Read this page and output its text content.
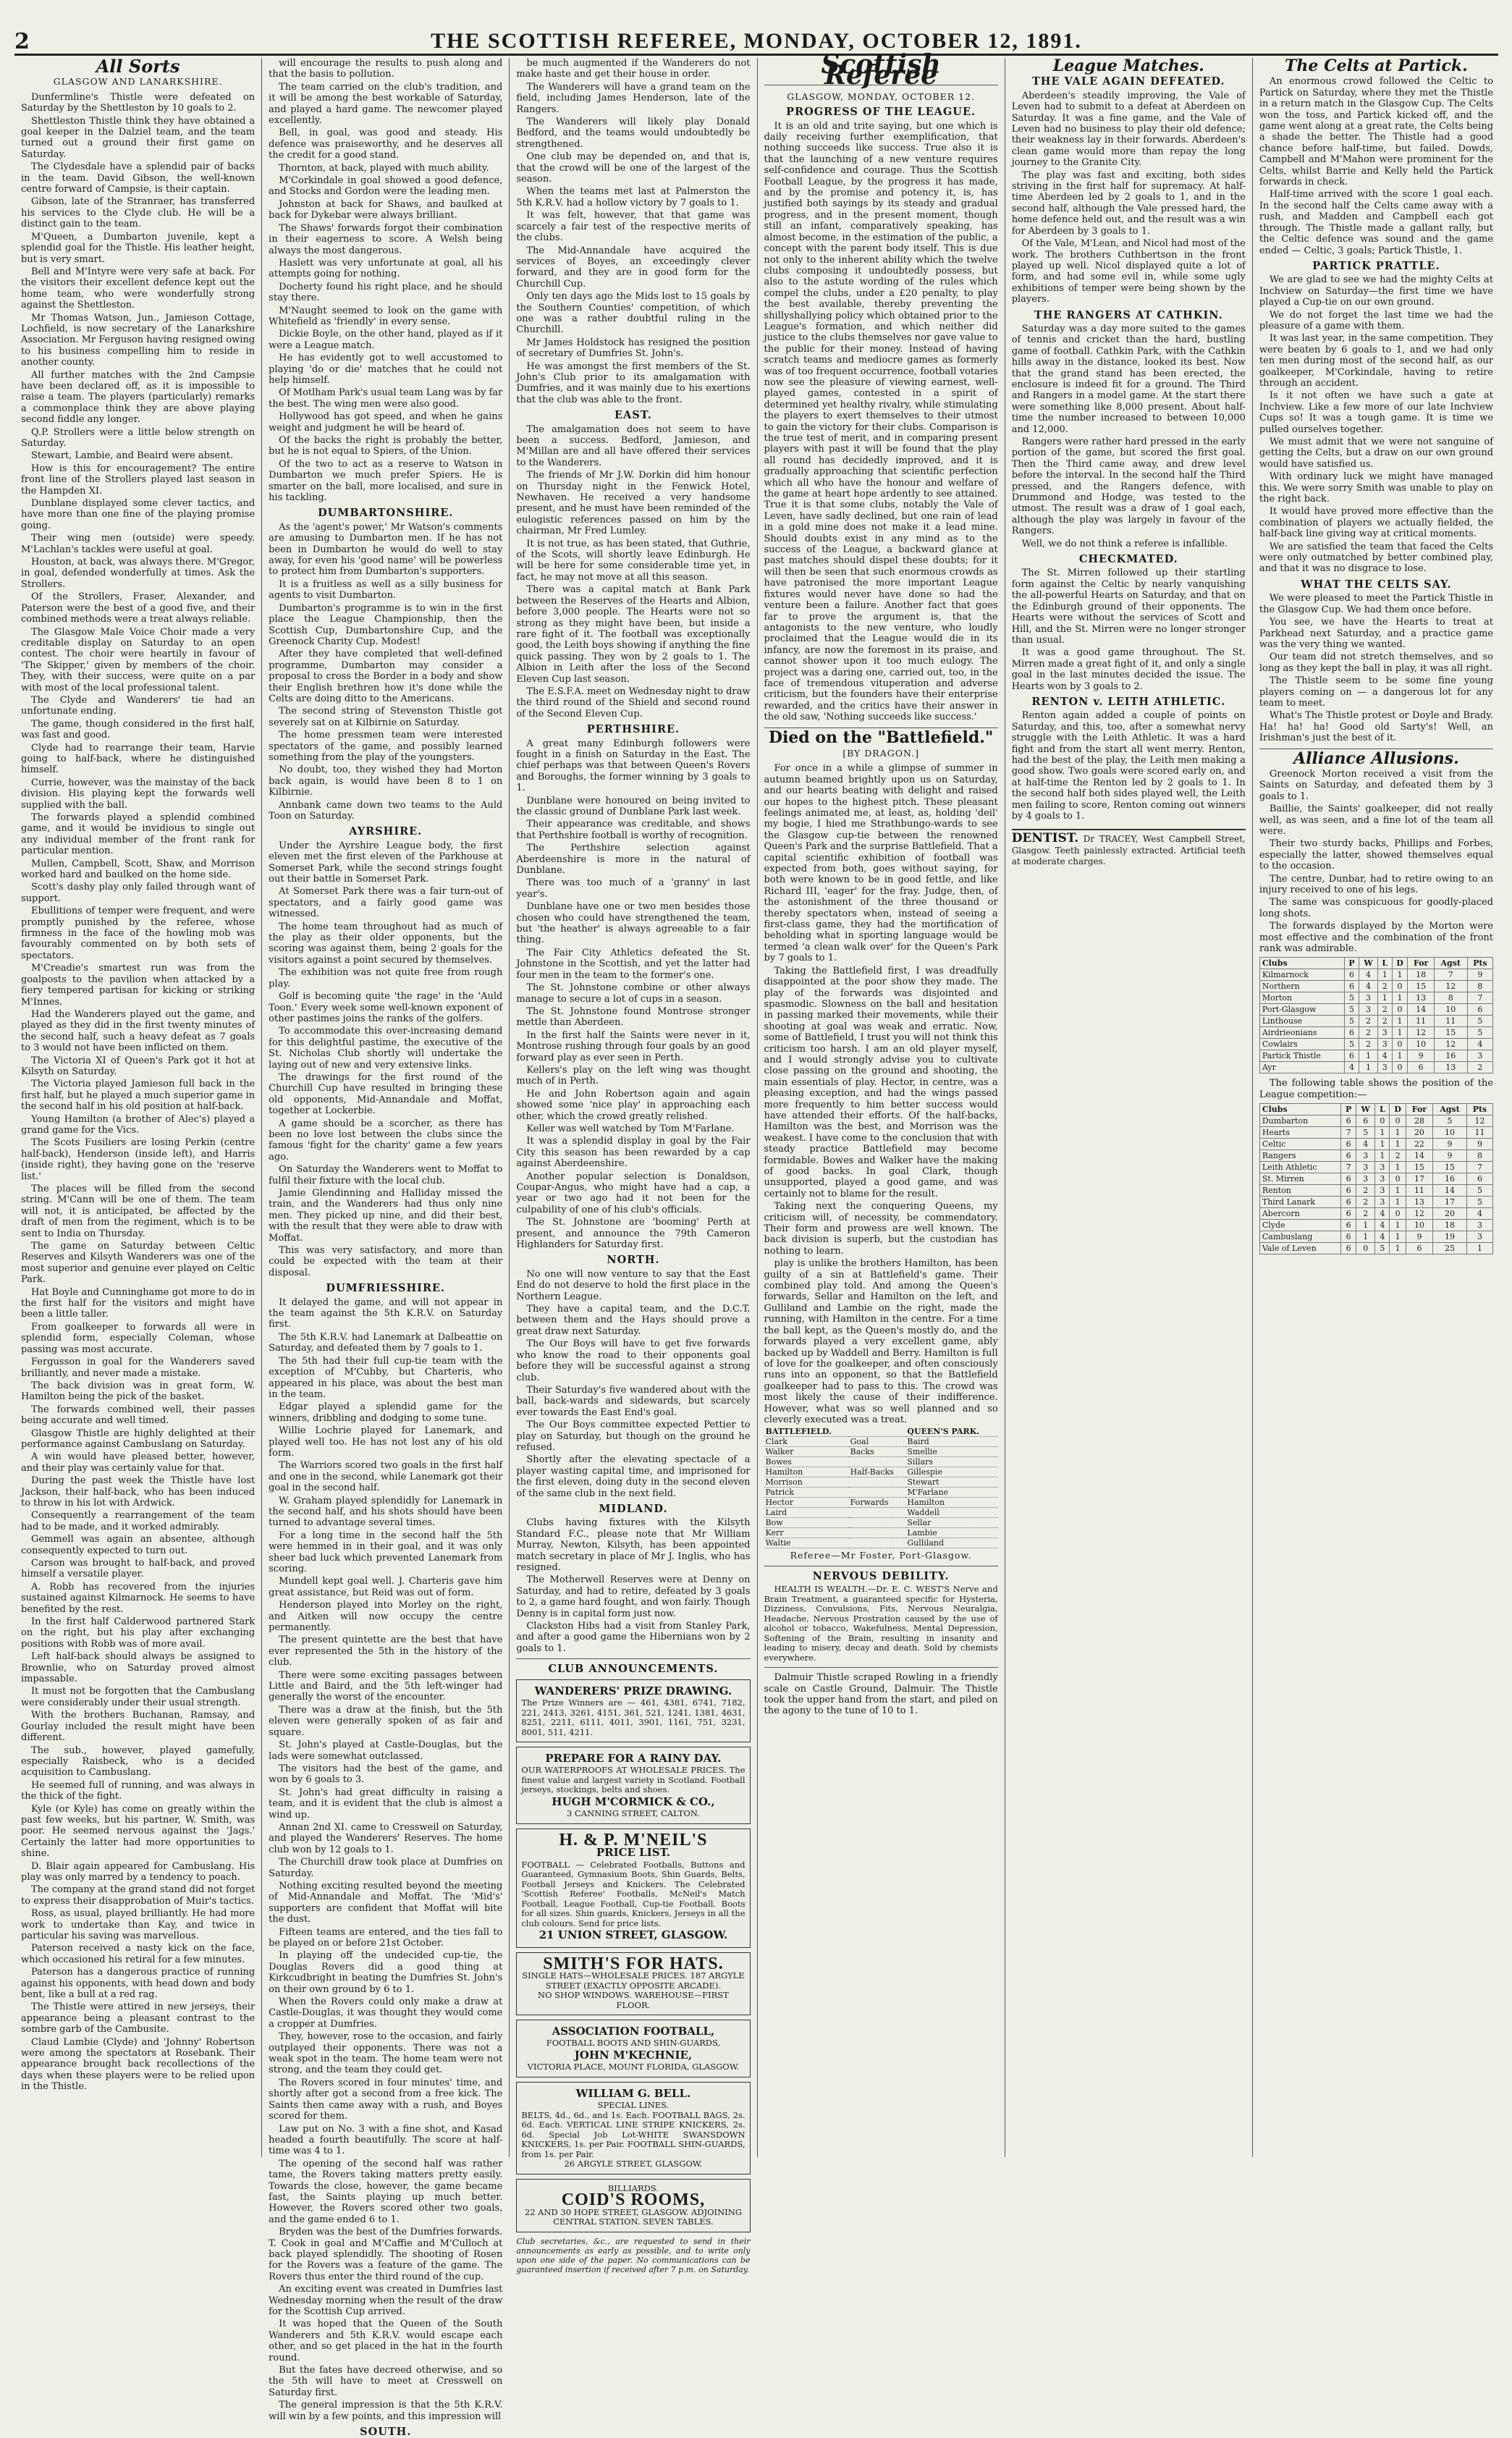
2	THE SCOTTISH REFEREE, MONDAY, OCTOBER 12, 1891.
All Sorts
GLASGOW AND LANARKSHIRE.

Dunfermline's Thistle were defeated on Saturday by the Shettleston by 10 goals to 2.

Shettleston Thistle think they have obtained a goal keeper in the Dalziel team, and the team turned out a ground their first game on Saturday.

The Clydesdale have a splendid pair of backs in the team. David Gibson, the well-known centre forward of Campsie, is their captain.

Gibson, late of the Stranraer, has transferred his services to the Clyde club. He will be a distinct gain to the team.

M'Queen, a Dumbarton juvenile, kept a splendid goal for the Thistle. His leather height, but is very smart.

Bell and M'Intyre were very safe at back. For the visitors their excellent defence kept out the home team, who were wonderfully strong against the Shettleston.

Mr Thomas Watson, Jun., Jamieson Cottage, Lochfield, is now secretary of the Lanarkshire Association. Mr Ferguson having resigned owing to his business compelling him to reside in another county.

All further matches with the 2nd Campsie have been declared off, as it is impossible to raise a team. The players (particularly) remarks a commonplace think they are above playing second fiddle any longer.

Q.P. Strollers were a little below strength on Saturday.

Stewart, Lambie, and Beaird were absent.

How is this for encouragement? The entire front line of the Strollers played last season in the Hampden XI.

Dunblane displayed some clever tactics, and have more than one fine of the playing promise going.

Their wing men (outside) were speedy. M'Lachlan's tackles were useful at goal.

Houston, at back, was always there. M'Gregor, in goal, defended wonderfully at times. Ask the Strollers.

Of the Strollers, Fraser, Alexander, and Paterson were the best of a good five, and their combined methods were a treat always reliable.

The Glasgow Male Voice Choir made a very creditable display on Saturday to an open contest. The choir were heartily in favour of 'The Skipper,' given by members of the choir. They, with their success, were quite on a par with most of the local professional talent.

The Clyde and Wanderers' tie had an unfortunate ending.

The game, though considered in the first half, was fast and good.

Clyde had to rearrange their team, Harvie going to half-back, where he distinguished himself.

Currie, however, was the mainstay of the back division. His playing kept the forwards well supplied with the ball.

The forwards played a splendid combined game, and it would be invidious to single out any individual member of the front rank for particular mention.

Mullen, Campbell, Scott, Shaw, and Morrison worked hard and baulked on the home side.

Scott's dashy play only failed through want of support.

Ebullitions of temper were frequent, and were promptly punished by the referee, whose firmness in the face of the howling mob was favourably commented on by both sets of spectators.

M'Creadie's smartest run was from the goalposts to the pavilion when attacked by a fiery tempered partisan for kicking or striking M'Innes.

Had the Wanderers played out the game, and played as they did in the first twenty minutes of the second half, such a heavy defeat as 7 goals to 3 would not have been inflicted on them.

The Victoria XI of Queen's Park got it hot at Kilsyth on Saturday.

The Victoria played Jamieson full back in the first half, but he played a much superior game in the second half in his old position at half-back.

Young Hamilton (a brother of Alec's) played a grand game for the Vics.

The Scots Fusiliers are losing Perkin (centre half-back), Henderson (inside left), and Harris (inside right), they having gone on the 'reserve list.'

The places will be filled from the second string. M'Cann will be one of them. The team will not, it is anticipated, be affected by the draft of men from the regiment, which is to be sent to India on Thursday.

The game on Saturday between Celtic Reserves and Kilsyth Wanderers was one of the most superior and genuine ever played on Celtic Park.

Hat Boyle and Cunninghame got more to do in the first half for the visitors and might have been a little taller.

From goalkeeper to forwards all were in splendid form, especially Coleman, whose passing was most accurate.

Fergusson in goal for the Wanderers saved brilliantly, and never made a mistake.

The back division was in great form, W. Hamilton being the pick of the basket.

The forwards combined well, their passes being accurate and well timed.

Glasgow Thistle are highly delighted at their performance against Cambuslang on Saturday.

A win would have pleased better, however, and their play was certainly value for that.

During the past week the Thistle have lost Jackson, their half-back, who has been induced to throw in his lot with Ardwick.

Consequently a rearrangement of the team had to be made, and it worked admirably.

Gemmell was again an absentee, although consequently expected to turn out.

Carson was brought to half-back, and proved himself a versatile player.

A. Robb has recovered from the injuries sustained against Kilmarnock. He seems to have benefited by the rest.

In the first half Calderwood partnered Stark on the right, but his play after exchanging positions with Robb was of more avail.

Left half-back should always be assigned to Brownlie, who on Saturday proved almost impassable.

It must not be forgotten that the Cambuslang were considerably under their usual strength.

With the brothers Buchanan, Ramsay, and Gourlay included the result might have been different.

The sub., however, played gamefully, especially Raisbeck, who is a decided acquisition to Cambuslang.

He seemed full of running, and was always in the thick of the fight.

Kyle (or Kyle) has come on greatly within the past few weeks, but his partner, W. Smith, was poor. He seemed nervous against the 'Jags.' Certainly the latter had more opportunities to shine.

D. Blair again appeared for Cambuslang. His play was only marred by a tendency to poach.

The company at the grand stand did not forget to express their disapprobation of Muir's tactics.

Ross, as usual, played brilliantly. He had more work to undertake than Kay, and twice in particular his saving was marvellous.

Paterson received a nasty kick on the face, which occasioned his retiral for a few minutes.

Paterson has a dangerous practice of running against his opponents, with head down and body bent, like a bull at a red rag.

The Thistle were attired in new jerseys, their appearance being a pleasant contrast to the sombre garb of the Cambusite.

Claud Lambie (Clyde) and 'Johnny' Robertson were among the spectators at Rosebank. Their appearance brought back recollections of the days when these players were to be relied upon in the Thistle.

will encourage the results to push along and that the basis to pollution.

The team carried on the club's tradition, and it will be among the best workable of Saturday, and played a hard game. The newcomer played excellently.

Bell, in goal, was good and steady. His defence was praiseworthy, and he deserves all the credit for a good stand.

Thornton, at back, played with much ability.

M'Corkindale in goal showed a good defence, and Stocks and Gordon were the leading men.

Johnston at back for Shaws, and baulked at back for Dykebar were always brilliant.

The Shaws' forwards forgot their combination in their eagerness to score. A Welsh being always the most dangerous.

Haslett was very unfortunate at goal, all his attempts going for nothing.

Docherty found his right place, and he should stay there.

M'Naught seemed to look on the game with Whitefield as 'friendly' in every sense.

Dickie Boyle, on the other hand, played as if it were a League match.

He has evidently got to well accustomed to playing 'do or die' matches that he could not help himself.

Of Motlham Park's usual team Lang was by far the best. The wing men were also good.

Hollywood has got speed, and when he gains weight and judgment he will be heard of.

Of the backs the right is probably the better, but he is not equal to Spiers, of the Union.

Of the two to act as a reserve to Watson in Dumbarton we much prefer Spiers. He is smarter on the ball, more localised, and sure in his tackling.

DUMBARTONSHIRE.

As the 'agent's power,' Mr Watson's comments are amusing to Dumbarton men. If he has not been in Dumbarton he would do well to stay away, for even his 'good name' will be powerless to protect him from Dumbarton's supporters.

It is a fruitless as well as a silly business for agents to visit Dumbarton.

Dumbarton's programme is to win in the first place the League Championship, then the Scottish Cup, Dumbartonshire Cup, and the Greenock Charity Cup. Modest!

After they have completed that well-defined programme, Dumbarton may consider a proposal to cross the Border in a body and show their English brethren how it's done while the Celts are doing ditto to the Americans.

The second string of Stevenston Thistle got severely sat on at Kilbirnie on Saturday.

The home pressmen team were interested spectators of the game, and possibly learned something from the play of the youngsters.

No doubt, too, they wished they had Morton back again, is would have been 8 to 1 on Kilbirnie.

Annbank came down two teams to the Auld Toon on Saturday.

AYRSHIRE.

Under the Ayrshire League body, the first eleven met the first eleven of the Parkhouse at Somerset Park, while the second strings fought out their battle in Somerset Park.

At Somerset Park there was a fair turn-out of spectators, and a fairly good game was witnessed.

The home team throughout had as much of the play as their older opponents, but the scoring was against them, being 2 goals for the visitors against a point secured by themselves.

The exhibition was not quite free from rough play.

Golf is becoming quite 'the rage' in the 'Auld Toon.' Every week some well-known exponent of other pastimes joins the ranks of the golfers.

To accommodate this over-increasing demand for this delightful pastime, the executive of the St. Nicholas Club shortly will undertake the laying out of new and very extensive links.

The drawings for the first round of the Churchill Cup have resulted in bringing these old opponents, Mid-Annandale and Moffat, together at Lockerbie.

A game should be a scorcher, as there has been no love lost between the clubs since the famous 'fight for the charity' game a few years ago.

On Saturday the Wanderers went to Moffat to fulfil their fixture with the local club.

Jamie Glendinning and Halliday missed the train, and the Wanderers had thus only nine men. They picked up nine, and did their best, with the result that they were able to draw with Moffat.

This was very satisfactory, and more than could be expected with the team at their disposal.

DUMFRIESSHIRE.

It delayed the game, and will not appear in the team against the 5th K.R.V. on Saturday first.

The 5th K.R.V. had Lanemark at Dalbeattie on Saturday, and defeated them by 7 goals to 1.

The 5th had their full cup-tie team with the exception of M'Cubby, but Charteris, who appeared in his place, was about the best man in the team.

Edgar played a splendid game for the winners, dribbling and dodging to some tune.

Willie Lochrie played for Lanemark, and played well too. He has not lost any of his old form.

The Warriors scored two goals in the first half and one in the second, while Lanemark got their goal in the second half.

W. Graham played splendidly for Lanemark in the second half, and his shots should have been turned to advantage several times.

For a long time in the second half the 5th were hemmed in in their goal, and it was only sheer bad luck which prevented Lanemark from scoring.

Mundell kept goal well. J. Charteris gave him great assistance, but Reid was out of form.

Henderson played into Morley on the right, and Aitken will now occupy the centre permanently.

The present quintette are the best that have ever represented the 5th in the history of the club.

There were some exciting passages between Little and Baird, and the 5th left-winger had generally the worst of the encounter.

There was a draw at the finish, but the 5th eleven were generally spoken of as fair and square.

St. John's played at Castle-Douglas, but the lads were somewhat outclassed.

The visitors had the best of the game, and won by 6 goals to 3.

St. John's had great difficulty in raising a team, and it is evident that the club is almost a wind up.

Annan 2nd XI. came to Cressweil on Saturday, and played the Wanderers' Reserves. The home club won by 12 goals to 1.

The Churchill draw took place at Dumfries on Saturday.

Nothing exciting resulted beyond the meeting of Mid-Annandale and Moffat. The 'Mid's' supporters are confident that Moffat will bite the dust.

Fifteen teams are entered, and the ties fall to be played on or before 21st October.

In playing off the undecided cup-tie, the Douglas Rovers did a good thing at Kirkcudbright in beating the Dumfries St. John's on their own ground by 6 to 1.

When the Rovers could only make a draw at Castle-Douglas, it was thought they would come a cropper at Dumfries.

They, however, rose to the occasion, and fairly outplayed their opponents. There was not a weak spot in the team. The home team were not strong, and the team they could get.

The Rovers scored in four minutes' time, and shortly after got a second from a free kick. The Saints then came away with a rush, and Boyes scored for them.

Law put on No. 3 with a fine shot, and Kasad headed a fourth beautifully. The score at half-time was 4 to 1.

The opening of the second half was rather tame, the Rovers taking matters pretty easily. Towards the close, however, the game became fast, the Saints playing up much better. However, the Rovers scored other two goals, and the game ended 6 to 1.

Bryden was the best of the Dumfries forwards. T. Cook in goal and M'Caffie and M'Culloch at back played splendidly. The shooting of Rosen for the Rovers was a feature of the game. The Rovers thus enter the third round of the cup.

An exciting event was created in Dumfries last Wednesday morning when the result of the draw for the Scottish Cup arrived.

It was hoped that the Queen of the South Wanderers and 5th K.R.V. would escape each other, and so get placed in the hat in the fourth round.

But the fates have decreed otherwise, and so the 5th will have to meet at Cresswell on Saturday first.

The general impression is that the 5th K.R.V. will win by a few points, and this impression will

SOUTH.

be much augmented if the Wanderers do not make haste and get their house in order.

The Wanderers will have a grand team on the field, including James Henderson, late of the Rangers.

The Wanderers will likely play Donald Bedford, and the teams would undoubtedly be strengthened.

One club may be depended on, and that is, that the crowd will be one of the largest of the season.

When the teams met last at Palmerston the 5th K.R.V. had a hollow victory by 7 goals to 1.

It was felt, however, that that game was scarcely a fair test of the respective merits of the clubs.

The Mid-Annandale have acquired the services of Boyes, an exceedingly clever forward, and they are in good form for the Churchill Cup.

Only ten days ago the Mids lost to 15 goals by the Southern Counties' competition, of which one was a rather doubtful ruling in the Churchill.

Mr James Holdstock has resigned the position of secretary of Dumfries St. John's.

He was amongst the first members of the St. John's Club prior to its amalgamation with Dumfries, and it was mainly due to his exertions that the club was able to the front.

EAST.

The amalgamation does not seem to have been a success. Bedford, Jamieson, and M'Millan are and all have offered their services to the Wanderers.

The friends of Mr J.W. Dorkin did him honour on Thursday night in the Fenwick Hotel, Newhaven. He received a very handsome present, and he must have been reminded of the eulogistic references passed on him by the chairman, Mr Fred Lumley.

It is not true, as has been stated, that Guthrie, of the Scots, will shortly leave Edinburgh. He will be here for some considerable time yet, in fact, he may not move at all this season.

There was a capital match at Bank Park between the Reserves of the Hearts and Albion, before 3,000 people. The Hearts were not so strong as they might have been, but inside a rare fight of it. The football was exceptionally good, the Leith boys showing if anything the fine quick passing. They won by 2 goals to 1. The Albion in Leith after the loss of the Second Eleven Cup last season.

The E.S.F.A. meet on Wednesday night to draw the third round of the Shield and second round of the Second Eleven Cup.

PERTHSHIRE.

A great many Edinburgh followers were fought in a finish on Saturday in the East. The chief perhaps was that between Queen's Rovers and Boroughs, the former winning by 3 goals to 1.

Dunblane were honoured on being invited to the classic ground of Dunblane Park last week.

Their appearance was creditable, and shows that Perthshire football is worthy of recognition.

The Perthshire selection against Aberdeenshire is more in the natural of Dunblane.

There was too much of a 'granny' in last year's.

Dunblane have one or two men besides those chosen who could have strengthened the team, but 'the heather' is always agreeable to a fair thing.

The Fair City Athletics defeated the St. Johnstone in the Scottish, and yet the latter had four men in the team to the former's one.

The St. Johnstone combine or other always manage to secure a lot of cups in a season.

The St. Johnstone found Montrose stronger mettle than Aberdeen.

In the first half the Saints were never in it, Montrose rushing through four goals by an good forward play as ever seen in Perth.

Kellers's play on the left wing was thought much of in Perth.

He and John Robertson again and again showed some 'nice play' in approaching each other, which the crowd greatly relished.

Keller was well watched by Tom M'Farlane.

It was a splendid display in goal by the Fair City this season has been rewarded by a cap against Aberdeenshire.

Another popular selection is Donaldson, Coupar-Angus, who might have had a cap, a year or two ago had it not been for the culpability of one of his club's officials.

The St. Johnstone are 'booming' Perth at present, and announce the 79th Cameron Highlanders for Saturday first.

NORTH.

No one will now venture to say that the East End do not deserve to hold the first place in the Northern League.

They have a capital team, and the D.C.T. between them and the Hays should prove a great draw next Saturday.

The Our Boys will have to get five forwards who know the road to their opponents goal before they will be successful against a strong club.

Their Saturday's five wandered about with the ball, back-wards and sidewards, but scarcely ever towards the East End's goal.

The Our Boys committee expected Pettier to play on Saturday, but though on the ground he refused.

Shortly after the elevating spectacle of a player wasting capital time, and imprisoned for the first eleven, doing duty in the second eleven of the same club in the next field.

MIDLAND.

Clubs having fixtures with the Kilsyth Standard F.C., please note that Mr William Murray, Newton, Kilsyth, has been appointed match secretary in place of Mr J. Inglis, who has resigned.

The Motherwell Reserves were at Denny on Saturday, and had to retire, defeated by 3 goals to 2, a game hard fought, and won fairly. Though Denny is in capital form just now.

Clackston Hibs had a visit from Stanley Park, and after a good game the Hibernians won by 2 goals to 1.

CLUB ANNOUNCEMENTS.
WANDERERS' PRIZE DRAWING.
The Prize Winners are — 461, 4381, 6741, 7182, 221, 2413, 3261, 4151, 361, 521, 1241, 1381, 4631, 8251, 2211, 6111, 4011, 3901, 1161, 751, 3231, 8001, 511, 4211.
PREPARE FOR A RAINY DAY.
OUR WATERPROOFS AT WHOLESALE PRICES. The finest value and largest variety in Scotland. Football jerseys, stockings, belts and shoes.
HUGH M'CORMICK & CO.,
3 CANNING STREET, CALTON.
H. & P. M'NEIL'S
PRICE LIST.
FOOTBALL — Celebrated Footballs, Buttons and Guaranteed, Gymnasium Boots, Shin Guards, Belts, Football Jerseys and Knickers. The Celebrated 'Scottish Referee' Footballs, McNeil's Match Football, League Football, Cup-tie Football. Boots for all sizes. Shin guards, Knickers, Jerseys in all the club colours. Send for price lists.
21 UNION STREET, GLASGOW.
SMITH'S FOR HATS.
SINGLE HATS—WHOLESALE PRICES. 187 ARGYLE STREET (EXACTLY OPPOSITE ARCADE).
NO SHOP WINDOWS. WAREHOUSE—FIRST FLOOR.
ASSOCIATION FOOTBALL,
FOOTBALL BOOTS AND SHIN-GUARDS,
JOHN M'KECHNIE,
VICTORIA PLACE, MOUNT FLORIDA, GLASGOW.
WILLIAM G. BELL.
SPECIAL LINES.
BELTS, 4d., 6d., and 1s. Each. FOOTBALL BAGS, 2s. 6d. Each. VERTICAL LINE STRIPE KNICKERS, 2s. 6d. Special Job Lot-WHITE SWANSDOWN KNICKERS, 1s. per Pair. FOOTBALL SHIN-GUARDS, from 1s. per Pair.
26 ARGYLE STREET, GLASGOW.
BILLIARDS.
COID'S ROOMS,
22 AND 30 HOPE STREET, GLASGOW. ADJOINING CENTRAL STATION. SEVEN TABLES.
Club secretaries, &c., are requested to send in their announcements as early as possible, and to write only upon one side of the paper. No communications can be guaranteed insertion if received after 7 p.m. on Saturday.
Scottish Referee
GLASGOW, MONDAY, OCTOBER 12.
PROGRESS OF THE LEAGUE.

It is an old and trite saying, but one which is daily receiving further exemplification, that nothing succeeds like success. True also it is that the launching of a new venture requires self-confidence and courage. Thus the Scottish Football League, by the progress it has made, and by the promise and potency it, is, has justified both sayings by its steady and gradual progress, and in the present moment, though still an infant, comparatively speaking, has almost become, in the estimation of the public, a concept with the parent body itself. This is due not only to the inherent ability which the twelve clubs composing it undoubtedly possess, but also to the astute wording of the rules which compel the clubs, under a £20 penalty, to play the best available, thereby preventing the shillyshallying policy which obtained prior to the League's formation, and which neither did justice to the clubs themselves nor gave value to the public for their money. Instead of having scratch teams and mediocre games as formerly was of too frequent occurrence, football votaries now see the pleasure of viewing earnest, well-played games, contested in a spirit of determined yet healthy rivalry, while stimulating the players to exert themselves to their utmost to gain the victory for their clubs. Comparison is the true test of merit, and in comparing present players with past it will be found that the play all round has decidedly improved, and it is gradually approaching that scientific perfection which all who have the honour and welfare of the game at heart hope ardently to see attained. True it is that some clubs, notably the Vale of Leven, have sadly declined, but one rain of lead in a gold mine does not make it a lead mine. Should doubts exist in any mind as to the success of the League, a backward glance at past matches should dispel these doubts; for it will then be seen that such enormous crowds as have patronised the more important League fixtures would never have done so had the venture been a failure. Another fact that goes far to prove the argument is, that the antagonists to the new venture, who loudly proclaimed that the League would die in its infancy, are now the foremost in its praise, and cannot shower upon it too much eulogy. The project was a daring one, carried out, too, in the face of tremendous vituperation and adverse criticism, but the founders have their enterprise rewarded, and the critics have their answer in the old saw, 'Nothing succeeds like success.'

Died on the "Battlefield."
[BY DRAGON.]

For once in a while a glimpse of summer in autumn beamed brightly upon us on Saturday, and our hearts beating with delight and raised our hopes to the highest pitch. These pleasant feelings animated me, at least, as, holding 'deil' my bogie, I hied me Strathbungo-wards to see the Glasgow cup-tie between the renowned Queen's Park and the surprise Battlefield. That a capital scientific exhibition of football was expected from both, goes without saying, for both were known to be in good fettle, and like Richard III, 'eager' for the fray. Judge, then, of the astonishment of the three thousand or thereby spectators when, instead of seeing a first-class game, they had the mortification of beholding what in sporting language would be termed 'a clean walk over' for the Queen's Park by 7 goals to 1.

Taking the Battlefield first, I was dreadfully disappointed at the poor show they made. The play of the forwards was disjointed and spasmodic. Slowness on the ball and hesitation in passing marked their movements, while their shooting at goal was weak and erratic. Now, some of Battlefield, I trust you will not think this criticism too harsh. I am an old player myself, and I would strongly advise you to cultivate close passing on the ground and shooting, the main essentials of play. Hector, in centre, was a pleasing exception, and had the wings passed more frequently to him better success would have attended their efforts. Of the half-backs, Hamilton was the best, and Morrison was the weakest. I have come to the conclusion that with steady practice Battlefield may become formidable. Bowes and Walker have the making of good backs. In goal Clark, though unsupported, played a good game, and was certainly not to blame for the result.

Taking next the conquering Queens, my criticism will, of necessity, be commendatory. Their form and prowess are well known. The back division is superb, but the custodian has nothing to learn.

play is unlike the brothers Hamilton, has been guilty of a sin at Battlefield's game. Their combined play told. And among the Queen's forwards, Sellar and Hamilton on the left, and Gulliland and Lambie on the right, made the running, with Hamilton in the centre. For a time the ball kept, as the Queen's mostly do, and the forwards played a very excellent game, ably backed up by Waddell and Berry. Hamilton is full of love for the goalkeeper, and often consciously runs into an opponent, so that the Battlefield goalkeeper had to pass to this. The crowd was most likely the cause of their indifference. However, what was so well planned and so cleverly executed was a treat.

BATTLEFIELD.		QUEEN'S PARK.
Clark	Goal	Baird
Walker	Backs	Smellie
Bowes		Sillars
Hamilton	Half-Backs	Gillespie
Morrison		Stewart
Patrick		M'Farlane
Hector	Forwards	Hamilton
Laird		Waddell
Bow		Sellar
Kerr		Lambie
Waltie		Gulliland
Referee—Mr Foster, Port-Glasgow.
NERVOUS DEBILITY.

HEALTH IS WEALTH.—Dr. E. C. WEST'S Nerve and Brain Treatment, a guaranteed specific for Hysteria, Dizziness, Convulsions, Fits, Nervous Neuralgia, Headache, Nervous Prostration caused by the use of alcohol or tobacco, Wakefulness, Mental Depression, Softening of the Brain, resulting in insanity and leading to misery, decay and death. Sold by chemists everywhere.

Dalmuir Thistle scraped Rowling in a friendly scale on Castle Ground, Dalmuir. The Thistle took the upper hand from the start, and piled on the agony to the tune of 10 to 1.

League Matches.
THE VALE AGAIN DEFEATED.

Aberdeen's steadily improving, the Vale of Leven had to submit to a defeat at Aberdeen on Saturday. It was a fine game, and the Vale of Leven had no business to play their old defence; their weakness lay in their forwards. Aberdeen's clean game would more than repay the long journey to the Granite City.

The play was fast and exciting, both sides striving in the first half for supremacy. At half-time Aberdeen led by 2 goals to 1, and in the second half, although the Vale pressed hard, the home defence held out, and the result was a win for Aberdeen by 3 goals to 1.

Of the Vale, M'Lean, and Nicol had most of the work. The brothers Cuthbertson in the front played up well. Nicol displayed quite a lot of form, and had some evil in, while some ugly exhibitions of temper were being shown by the players.

THE RANGERS AT CATHKIN.

Saturday was a day more suited to the games of tennis and cricket than the hard, bustling game of football. Cathkin Park, with the Cathkin hills away in the distance, looked its best. Now that the grand stand has been erected, the enclosure is indeed fit for a ground. The Third and Rangers in a model game. At the start there were something like 8,000 present. About half-time the number increased to between 10,000 and 12,000.

Rangers were rather hard pressed in the early portion of the game, but scored the first goal. Then the Third came away, and drew level before the interval. In the second half the Third pressed, and the Rangers defence, with Drummond and Hodge, was tested to the utmost. The result was a draw of 1 goal each, although the play was largely in favour of the Rangers.

Well, we do not think a referee is infallible.

CHECKMATED.

The St. Mirren followed up their startling form against the Celtic by nearly vanquishing the all-powerful Hearts on Saturday, and that on the Edinburgh ground of their opponents. The Hearts were without the services of Scott and Hill, and the St. Mirren were no longer stronger than usual.

It was a good game throughout. The St. Mirren made a great fight of it, and only a single goal in the last minutes decided the issue. The Hearts won by 3 goals to 2.

RENTON v. LEITH ATHLETIC.

Renton again added a couple of points on Saturday, and this, too, after a somewhat nervy struggle with the Leith Athletic. It was a hard fight and from the start all went merry. Renton, had the best of the play, the Leith men making a good show. Two goals were scored early on, and at half-time the Renton led by 2 goals to 1. In the second half both sides played well, the Leith men failing to score, Renton coming out winners by 4 goals to 1.

DENTIST. Dr TRACEY, West Campbell Street, Glasgow. Teeth painlessly extracted. Artificial teeth at moderate charges.
The Celts at Partick.

An enormous crowd followed the Celtic to Partick on Saturday, where they met the Thistle in a return match in the Glasgow Cup. The Celts won the toss, and Partick kicked off, and the game went along at a great rate, the Celts being a shade the better. The Thistle had a good chance before half-time, but failed. Dowds, Campbell and M'Mahon were prominent for the Celts, whilst Barrie and Kelly held the Partick forwards in check.

Half-time arrived with the score 1 goal each. In the second half the Celts came away with a rush, and Madden and Campbell each got through. The Thistle made a gallant rally, but the Celtic defence was sound and the game ended — Celtic, 3 goals; Partick Thistle, 1.

PARTICK PRATTLE.

We are glad to see we had the mighty Celts at Inchview on Saturday—the first time we have played a Cup-tie on our own ground.

We do not forget the last time we had the pleasure of a game with them.

It was last year, in the same competition. They were beaten by 6 goals to 1, and we had only ten men during most of the second half, as our goalkeeper, M'Corkindale, having to retire through an accident.

Is it not often we have such a gate at Inchview. Like a few more of our late Inchview Cups so! It was a tough game. It is time we pulled ourselves together.

We must admit that we were not sanguine of getting the Celts, but a draw on our own ground would have satisfied us.

With ordinary luck we might have managed this. We were sorry Smith was unable to play on the right back.

It would have proved more effective than the combination of players we actually fielded, the half-back line giving way at critical moments.

We are satisfied the team that faced the Celts were only outmatched by better combined play, and that it was no disgrace to lose.

WHAT THE CELTS SAY.

We were pleased to meet the Partick Thistle in the Glasgow Cup. We had them once before.

You see, we have the Hearts to treat at Parkhead next Saturday, and a practice game was the very thing we wanted.

Our team did not stretch themselves, and so long as they kept the ball in play, it was all right.

The Thistle seem to be some fine young players coming on — a dangerous lot for any team to meet.

What's The Thistle protest or Doyle and Brady. Ha! ha! ha! Good old Sarty's! Well, an Irishman's just the best of it.

Alliance Allusions.

Greenock Morton received a visit from the Saints on Saturday, and defeated them by 3 goals to 1.

Baillie, the Saints' goalkeeper, did not really well, as was seen, and a fine lot of the team all were.

Their two sturdy backs, Phillips and Forbes, especially the latter, showed themselves equal to the occasion.

The centre, Dunbar, had to retire owing to an injury received to one of his legs.

The same was conspicuous for goodly-placed long shots.

The forwards displayed by the Morton were most effective and the combination of the front rank was admirable.

Clubs	P	W	L	D	For	Agst	Pts
Kilmarnock	6	4	1	1	18	7	9
Northern	6	4	2	0	15	12	8
Morton	5	3	1	1	13	8	7
Port-Glasgow	5	3	2	0	14	10	6
Linthouse	5	2	2	1	11	11	5
Airdrieonians	6	2	3	1	12	15	5
Cowlairs	5	2	3	0	10	12	4
Partick Thistle	6	1	4	1	9	16	3
Ayr	4	1	3	0	6	13	2

The following table shows the position of the League competition:—

Clubs	P	W	L	D	For	Agst	Pts
Dumbarton	6	6	0	0	28	5	12
Hearts	7	5	1	1	20	10	11
Celtic	6	4	1	1	22	9	9
Rangers	6	3	1	2	14	9	8
Leith Athletic	7	3	3	1	15	15	7
St. Mirren	6	3	3	0	17	16	6
Renton	6	2	3	1	11	14	5
Third Lanark	6	2	3	1	13	17	5
Abercorn	6	2	4	0	12	20	4
Clyde	6	1	4	1	10	18	3
Cambuslang	6	1	4	1	9	19	3
Vale of Leven	6	0	5	1	6	25	1
